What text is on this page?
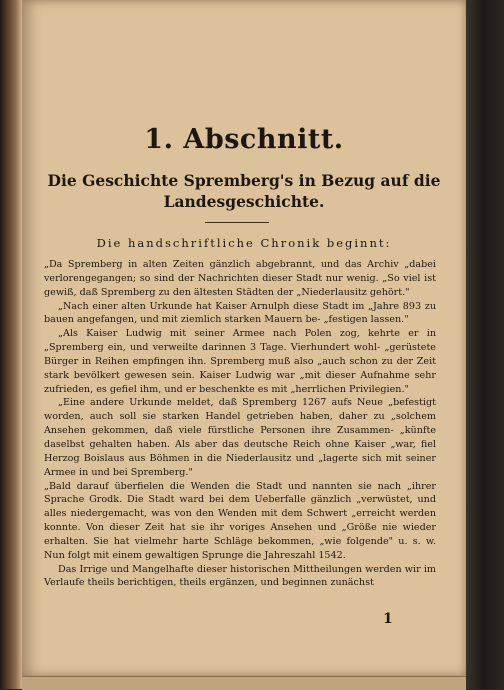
1. Abschnitt.
Die Geschichte Spremberg's in Bezug auf die Landesgeschichte.
Die handschriftliche Chronik beginnt:

„Da Spremberg in alten Zeiten gänzlich abgebrannt, und das Archiv „dabei verlorengegangen; so sind der Nachrichten dieser Stadt nur wenig. „So viel ist gewiß, daß Spremberg zu den ältesten Städten der „Niederlausitz gehört."

„Nach einer alten Urkunde hat Kaiser Arnulph diese Stadt im „Jahre 893 zu bauen angefangen, und mit ziemlich starken Mauern be- „festigen lassen."

„Als Kaiser Ludwig mit seiner Armee nach Polen zog, kehrte er in „Spremberg ein, und verweilte darinnen 3 Tage. Vierhundert wohl- „gerüstete Bürger in Reihen empfingen ihn. Spremberg muß also „auch schon zu der Zeit stark bevölkert gewesen sein. Kaiser Ludwig war „mit dieser Aufnahme sehr zufrieden, es gefiel ihm, und er beschenkte es mit „herrlichen Privilegien."

„Eine andere Urkunde meldet, daß Spremberg 1267 aufs Neue „befestigt worden, auch soll sie starken Handel getrieben haben, daher zu „solchem Ansehen gekommen, daß viele fürstliche Personen ihre Zusammen- „künfte daselbst gehalten haben. Als aber das deutsche Reich ohne Kaiser „war, fiel Herzog Boislaus aus Böhmen in die Niederlausitz und „lagerte sich mit seiner Armee in und bei Spremberg."

„Bald darauf überfielen die Wenden die Stadt und nannten sie nach „ihrer Sprache Grodk. Die Stadt ward bei dem Ueberfalle gänzlich „verwüstet, und alles niedergemacht, was von den Wenden mit dem Schwert „erreicht werden konnte. Von dieser Zeit hat sie ihr voriges Ansehen und „Größe nie wieder erhalten. Sie hat vielmehr harte Schläge bekommen, „wie folgende" u. s. w. Nun folgt mit einem gewaltigen Sprunge die Jahreszahl 1542.

Das Irrige und Mangelhafte dieser historischen Mittheilungen werden wir im Verlaufe theils berichtigen, theils ergänzen, und beginnen zunächst

1
